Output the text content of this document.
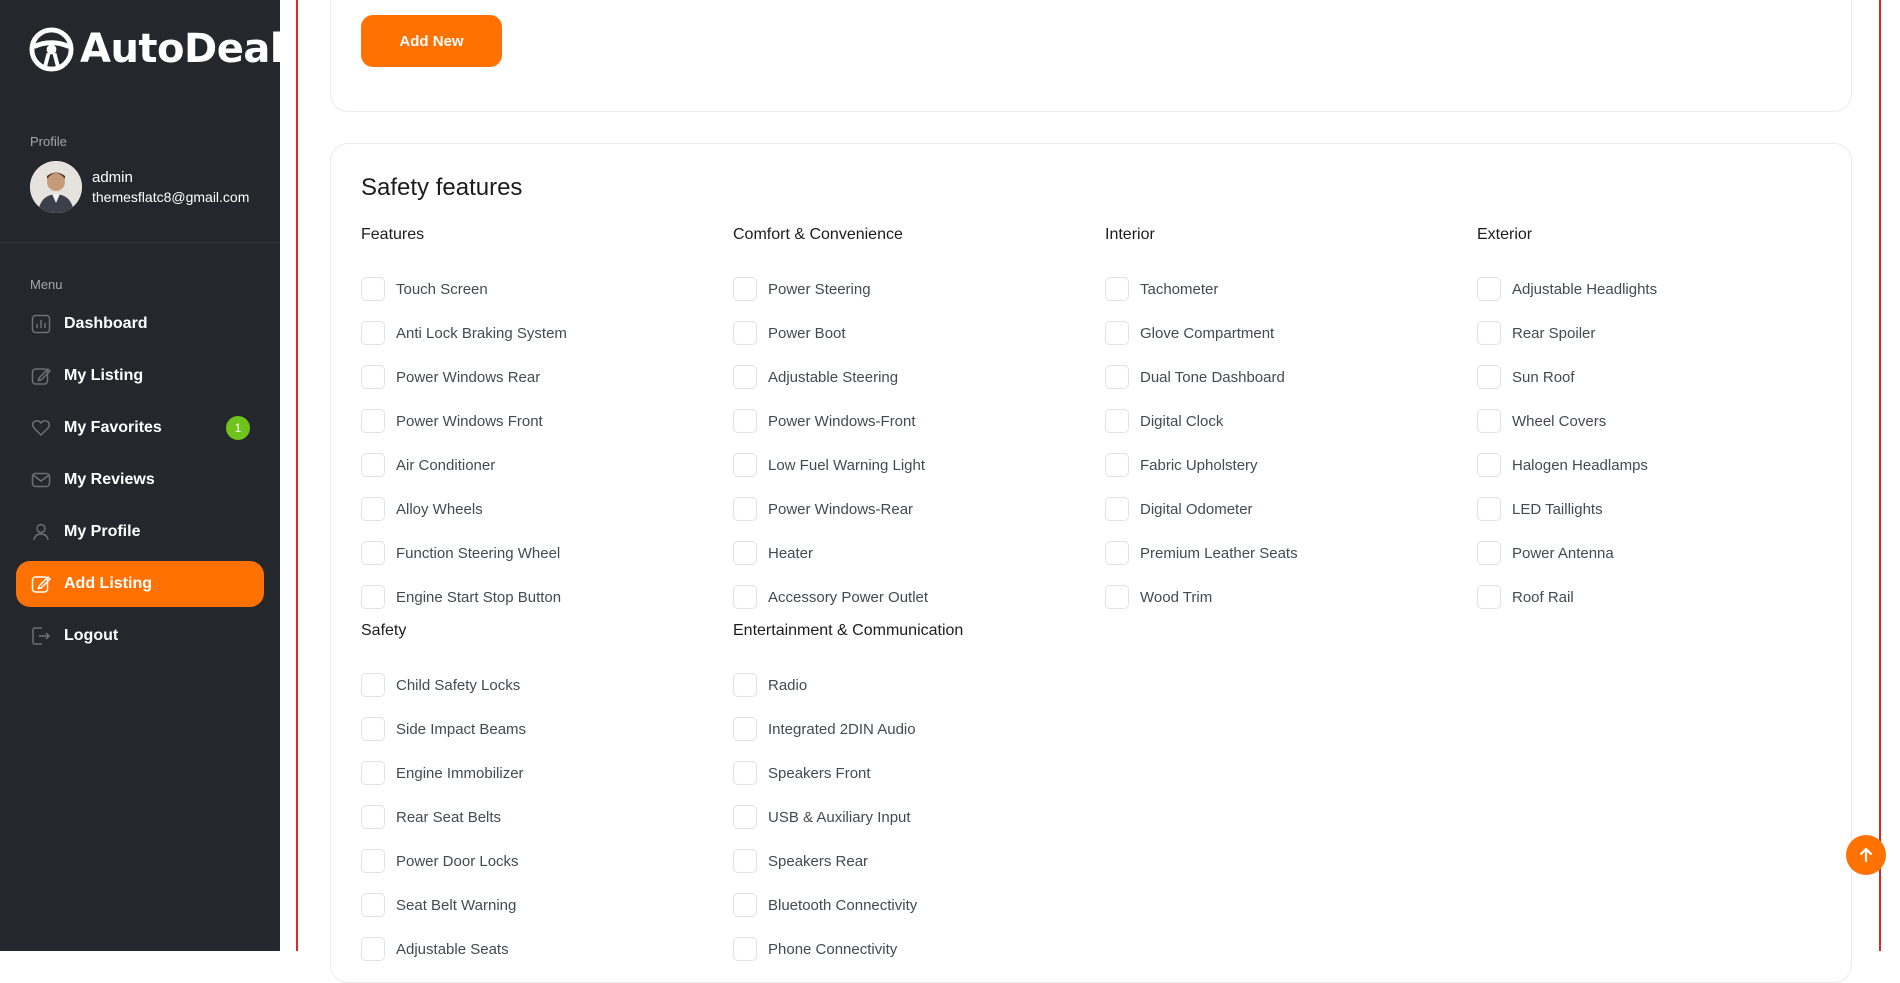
AutoDeal
Profile
admin
themesflatc8@gmail.com
Menu
Dashboard
My Listing
My Favorites	1
My Reviews
My Profile
Add Listing
Logout
Add New
Safety features
Features
Touch Screen
Anti Lock Braking System
Power Windows Rear
Power Windows Front
Air Conditioner
Alloy Wheels
Function Steering Wheel
Engine Start Stop Button
Comfort & Convenience
Power Steering
Power Boot
Adjustable Steering
Power Windows-Front
Low Fuel Warning Light
Power Windows-Rear
Heater
Accessory Power Outlet
Interior
Tachometer
Glove Compartment
Dual Tone Dashboard
Digital Clock
Fabric Upholstery
Digital Odometer
Premium Leather Seats
Wood Trim
Exterior
Adjustable Headlights
Rear Spoiler
Sun Roof
Wheel Covers
Halogen Headlamps
LED Taillights
Power Antenna
Roof Rail
Safety
Child Safety Locks
Side Impact Beams
Engine Immobilizer
Rear Seat Belts
Power Door Locks
Seat Belt Warning
Adjustable Seats
Entertainment & Communication
Radio
Integrated 2DIN Audio
Speakers Front
USB & Auxiliary Input
Speakers Rear
Bluetooth Connectivity
Phone Connectivity
